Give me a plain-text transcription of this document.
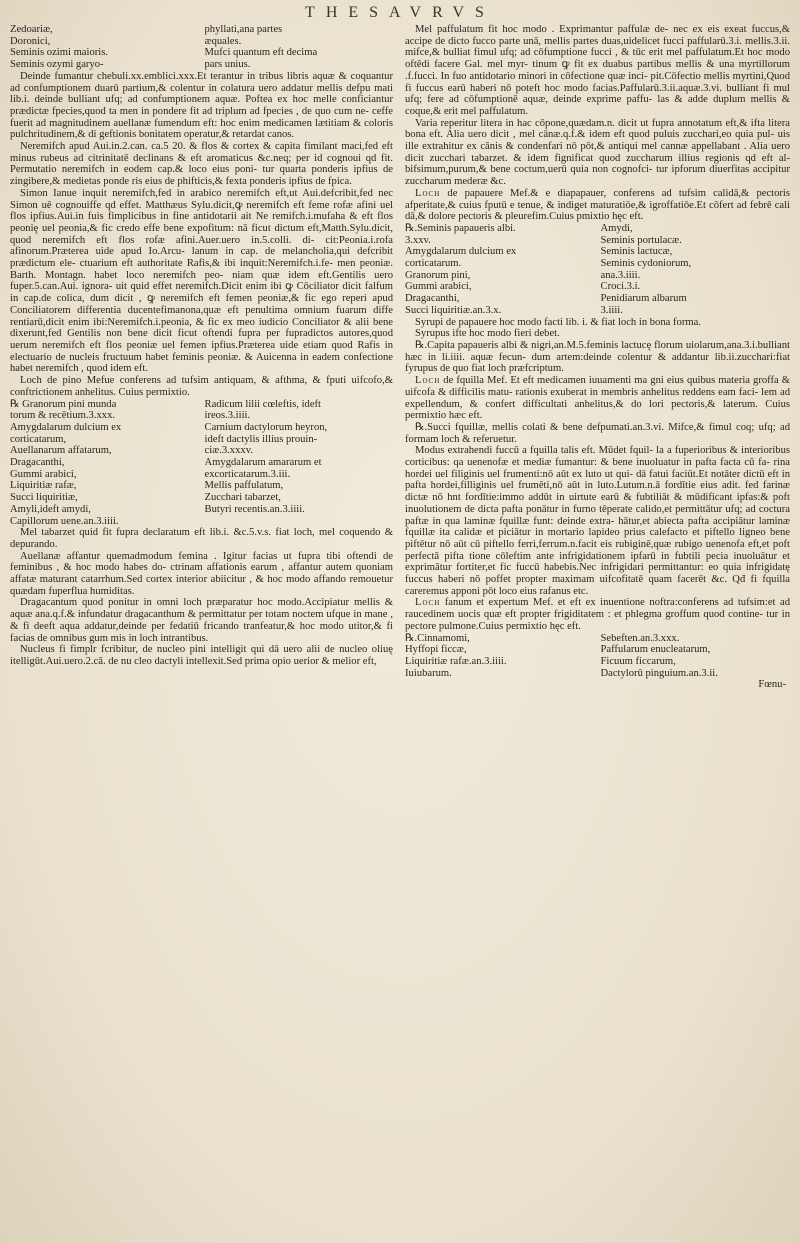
THESAVRVS
Zedoariæ,	phyllati,ana partes
Doronici,	æquales.
Seminis ozimi maioris.	Mufci quantum eft decima
Seminis ozymi garyo-	pars unius.

Deinde fumantur chebuli.xx.emblici.xxx.Et terantur in tribus libris aquæ & coquantur ad confumptionem duarū partium,& colentur in colatura uero addatur mellis defpu mati lib.i. deinde bulliant ufq; ad confumptionem aquæ. Poftea ex hoc melle conficiantur prædictæ fpecies,quod ta men in pondere fit ad triplum ad fpecies , de quo cum ne- ceffe fuerit ad magnitudinem auellanæ fumendum eft: hoc enim medicamen lætitiam & coloris pulchritudinem,& di geftionis bonitatem operatur,& retardat canos.

Neremifch apud Aui.in.2.can. ca.5 20. & flos & cortex & capita fimilant maci,fed eft minus rubeus ad citrinitatē declinans & eft aromaticus &c.neq; per id cognoui qd fit. Permutatio neremifch in eodem cap.& loco eius poni- tur quarta ponderis ipfius de zingibere,& medietas ponde ris eius de phifticis,& fexta ponderis ipfius de fpica.

Simon Ianue inquit neremifch,fed in arabico neremifch eft,ut Aui.defcribit,fed nec Simon uē cognouiffe qd effet. Matthæus Sylu.dicit,ꝙ neremifch eft feme rofæ afini uel flos ipfius.Aui.in fuis fimplicibus in fine antidotarii ait Ne remifch.i.mufaha & eft flos peonię uel peonia,& fic credo effe bene expofitum: nā ficut dictum eft,Matth.Sylu.dicit, quod neremifch eft flos rofæ afini.Auer.uero in.5.colli. di- cit:Peonia.i.rofa afinorum.Præterea uide apud Io.Arcu- lanum in cap. de melancholia,qui defcribit prædictum ele- ctuarium eft authoritate Rafis,& ibi inquit:Neremifch.i.fe- men peoniæ. Barth. Montagn. habet loco neremifch peo- niam quæ idem eft.Gentilis uero fuper.5.can.Aui. ignora- uit quid effet neremifch.Dicit enim ibi ꝙ Cōciliator dicit falfum in cap.de colica, dum dicit , ꝙ neremifch eft femen peoniæ,& fic ego reperi apud Conciliatorem differentia ducentefimanona,quæ eft penultima omnium fuarum diffe rentiarū,dicit enim ibi:Neremifch.i.peonia, & fic ex meo iudicio Conciliator & alii bene dixerunt,fed Gentilis non bene dicit ficut oftendi fupra per fupradictos autores,quod uerum neremifch eft flos peoniæ uel femen ipfius.Præterea uide etiam quod Rafis in electuario de nucleis fructuum habet feminis peoniæ. & Auicenna in eadem confectione habet neremifch , quod idem eft.

Loch de pino Mefue conferens ad tufsim antiquam, & afthma, & fputi uifcofo,& conftrictionem anhelitus. Cuius permixtio.

℞ Granorum pini munda	Radicum lilii cœleftis, ideft
torum & recētium.3.xxx.	ireos.3.iiii.
Amygdalarum dulcium ex	Carnium dactylorum heyron,
corticatarum,	ideft dactylis illius prouin-
Auellanarum affatarum,	ciæ.3.xxxv.
Dragacanthi,	Amygdalarum amararum et
Gummi arabici,	excorticatarum.3.iii.
Liquiritiæ rafæ,	Mellis paffulatum,
Succi liquiritiæ,	Zucchari tabarzet,
Amyli,ideft amydi,	Butyri recentis.an.3.iiii.
Capillorum uene.an.3.iiii.

Mel tabarzet quid fit fupra declaratum eft lib.i. &c.5.v.s. fiat loch, mel coquendo & depurando.

Auellanæ affantur quemadmodum femina . Igitur facias ut fupra tibi oftendi de feminibus , & hoc modo habes do- ctrinam affationis earum , affantur autem quoniam affatæ maturant catarrhum.Sed cortex interior abiicitur , & hoc modo affando remouetur quædam fuperflua humiditas.

Dragacantum quod ponitur in omni loch præparatur hoc modo.Accipiatur mellis & aquæ ana.q.f.& infundatur dragacanthum & permittatur per totam noctem ufque in mane , & fi deeft aqua addatur,deinde per fedatiū fricando tranfeatur,& hoc modo utitor,& fi facias de omnibus gum mis in loch intrantibus.

Nucleus fi fimplr fcribitur, de nucleo pini intelligit qui dā uero alii de nucleo oliuę itelligūt.Aui.uero.2.cā. de nu cleo dactyli intellexit.Sed prima opio uerior & melior eft,

Mel paffulatum fit hoc modo . Exprimantur paffulæ de- nec ex eis exeat fuccus,& accipe de dicto fucco parte unā, mellis partes duas,uidelicet fucci paffularū.3.i. mellis.3.ii. mifce,& bulliat fimul ufq; ad cōfumptione fucci , & tūc erit mel paffulatum.Et hoc modo oftēdi facere Gal. mel myr- tinum ꝙ fit ex duabus partibus mellis & una myrtillorum .f.fucci. In fuo antidotario minori in cōfectione quæ inci- pit.Cōfectio mellis myrtini,Quod fi fuccus earū haberi nō poteft hoc modo facias.Paffularū.3.ii.aquæ.3.vi. bulliant fi mul ufq; fere ad cōfumptionē aquæ, deinde exprime paffu- las & adde duplum mellis & coque,& erit mel paffulatum.

Varia reperitur litera in hac cōpone,quædam.n. dicit ut fupra annotatum eft,& ifta litera bona eft. Alia uero dicit , mel cānæ.q.f.& idem eft quod puluis zucchari,eo quia pul- uis ille extrahitur ex cānis & condenfari nō pōt,& antiqui mel cannæ appellabant . Alia uero dicit zucchari tabarzet. & idem fignificat quod zuccharum illius regionis qd eft al- bifsimum,purum,& bene coctum,uerū quia non cognofci- tur ipforum diuerfitas accipitur zuccharum mederæ &c.

Loch de papauere Mef.& e diapapauer, conferens ad tufsim calidā,& pectoris afperitate,& cuius fputū e tenue, & indiget maturatiōe,& igroffatiōe.Et cōfert ad febrē cali dā,& dolore pectoris & pleurefim.Cuius pmixtio hęc eft.

℞.Seminis papaueris albi.	Amydi,
3.xxv.	Seminis portulacæ.
Amygdalarum dulcium ex	Seminis lactucæ,
corticatarum.	Seminis cydoniorum,
Granorum pini,	ana.3.iiii.
Gummi arabici,	Croci.3.i.
Dragacanthi,	Penidiarum albarum
Succi liquiritiæ.an.3.x.	3.iiii.

Syrupi de papauere hoc modo facti lib. i. & fiat loch in bona forma.

Syrupus ifte hoc modo fieri debet.

℞.Capita papaueris albi & nigri,an.M.5.feminis lactucę florum uiolarum,ana.3.i.bulliant hæc in li.iiii. aquæ fecun- dum artem:deinde colentur & addantur lib.ii.zucchari:fiat fyrupus de quo fiat loch præfcriptum.

Loch de fquilla Mef. Et eft medicamen iuuamenti ma gni eius quibus materia groffa & uifcofa & difficilis matu- rationis exuberat in membris anhelitus reddens eam faci- lem ad expellendum, & confert difficultati anhelitus,& do lori pectoris,& laterum. Cuius permixtio hæc eft.

℞.Succi fquillæ, mellis colati & bene defpumati.an.3.vi. Mifce,& fimul coq; ufq; ad formam loch & referuetur.

Modus extrahendi fuccū a fquilla talis eft. Mūdet fquil- la a fuperioribus & interioribus corticibus: qa uenenofæ et mediæ fumantur: & bene inuoluatur in pafta facta cū fa- rina hordei uel filiginis uel frumenti:nō aūt ex luto ut qui- dā fatui faciūt.Et notāter dictū eft in pafta hordei,filliginis uel frumēti,nō aūt in luto.Lutum.n.ā fordītie eius adit. fed farinæ dictæ nō hnt fordītie:immo addūt in uirtute earū & fubtiliāt & mūdificant ipfas:& poft inuolutionem de dicta pafta ponātur in furno tēperate calido,et permittātur ufq; ad coctura paftæ in qua laminæ fquillæ funt: deinde extra- hātur,et abiecta pafta accipiātur laminæ fquillæ ita calidæ et piciātur in mortario lapideo prius calefacto et piftello ligneo bene piftētur nō aūt cū piftello ferri,ferrum.n.facit eis rubiginē,quæ rubigo uenenofa eft,et poft perfectā pifta tione cōleftim ante infrigidationem ipfarū in fubtili pecia inuoluātur et exprimātur fortiter,et fic fuccū habebis.Nec infrigidari permittantur: eo quia infrigidatę fuccus haberi nō poffet propter maximam uifcofitatē quam facerēt &c. Qđ fi fquilla careremus apponi pōt loco eius rafanus etc.

Loch fanum et expertum Mef. et eft ex inuentione noftra:conferens ad tufsim:et ad raucedinem uocis quæ eft propter frigiditatem : et phlegma groffum quod contine- tur in pectore pulmone.Cuius permixtio hęc eft.

℞.Cinnamomi,	Sebeften.an.3.xxx.
Hyffopi ficcæ,	Paffularum enucleatarum,
Liquiritiæ rafæ.an.3.iiii.	Ficuum ficcarum,
Iuiubarum.	Dactylorū pinguium.an.3.ii.
Fœnu-
